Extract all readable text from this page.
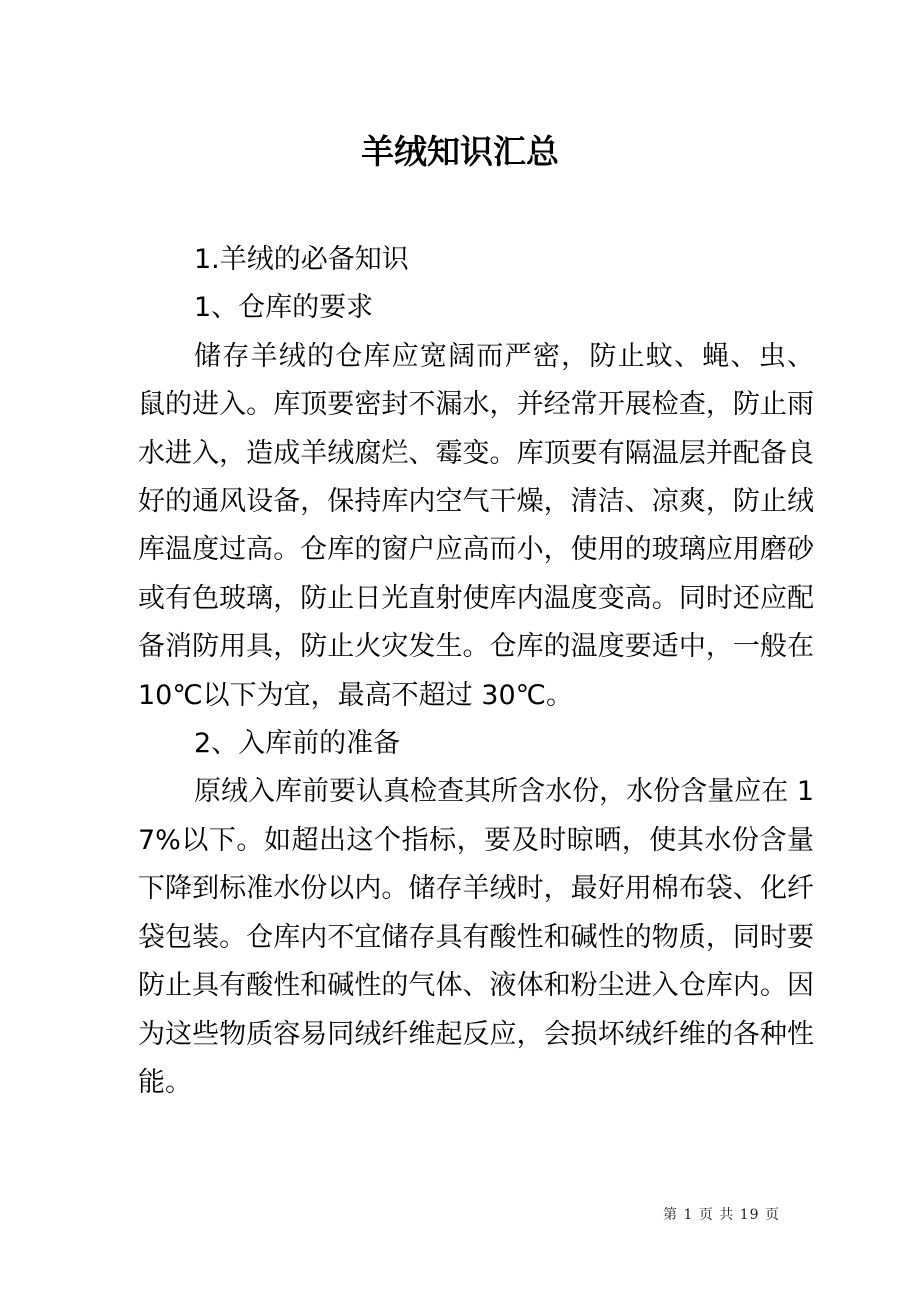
羊绒知识汇总

1.羊绒的必备知识

1、仓库的要求

储存羊绒的仓库应宽阔而严密，防止蚊、蝇、虫、鼠的进入。库顶要密封不漏水，并经常开展检查，防止雨水进入，造成羊绒腐烂、霉变。库顶要有隔温层并配备良好的通风设备，保持库内空气干燥，清洁、凉爽，防止绒库温度过高。仓库的窗户应高而小，使用的玻璃应用磨砂或有色玻璃，防止日光直射使库内温度变高。同时还应配备消防用具，防止火灾发生。仓库的温度要适中，一般在 10℃以下为宜，最高不超过 30℃。

2、入库前的准备

原绒入库前要认真检查其所含水份，水份含量应在 17%以下。如超出这个指标，要及时晾晒，使其水份含量下降到标准水份以内。储存羊绒时，最好用棉布袋、化纤袋包装。仓库内不宜储存具有酸性和碱性的物质，同时要防止具有酸性和碱性的气体、液体和粉尘进入仓库内。因为这些物质容易同绒纤维起反应，会损坏绒纤维的各种性能。

第 1 页 共 19 页
